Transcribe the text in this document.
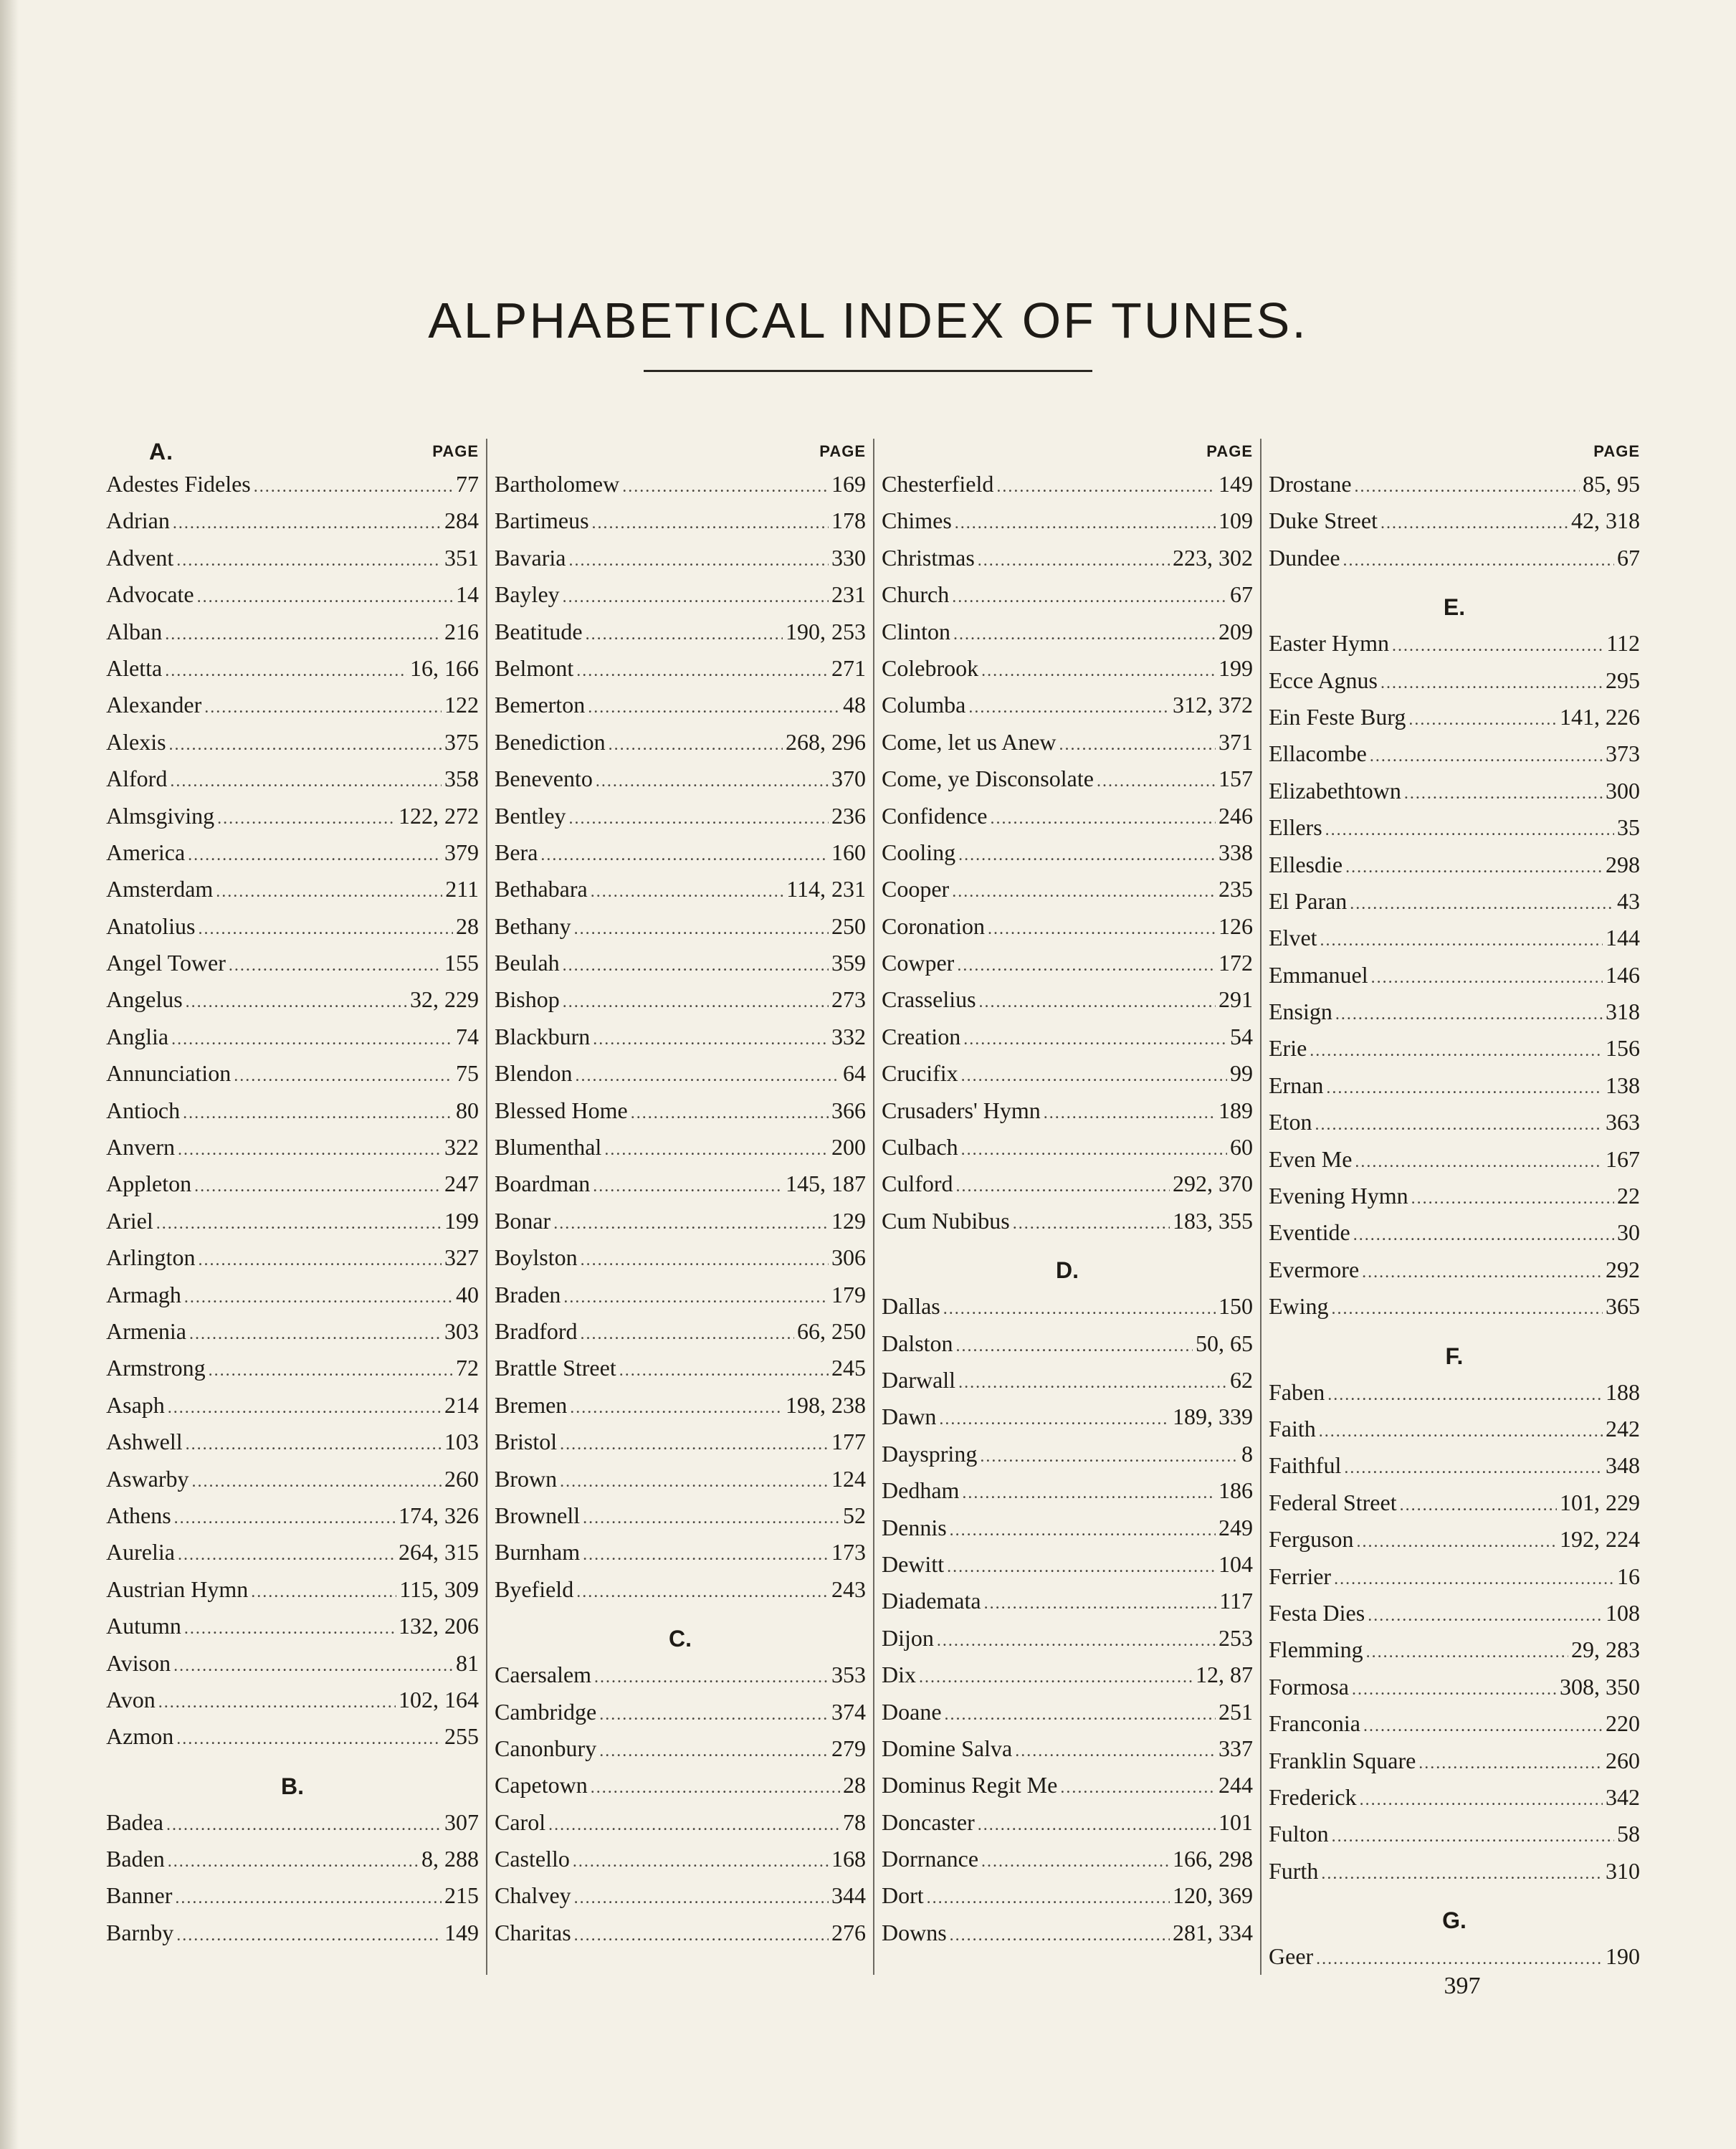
ALPHABETICAL INDEX OF TUNES.
A.	PAGE
Adestes Fideles .....	77
Adrian .....	284
Advent .....	351
Advocate .....	14
Alban .....	216
Aletta .....	16, 166
Alexander .....	122
Alexis .....	375
Alford .....	358
Almsgiving .....	122, 272
America .....	379
Amsterdam .....	211
Anatolius .....	28
Angel Tower .....	155
Angelus .....	32, 229
Anglia .....	74
Annunciation .....	75
Antioch .....	80
Anvern .....	322
Appleton .....	247
Ariel .....	199
Arlington .....	327
Armagh .....	40
Armenia .....	303
Armstrong .....	72
Asaph .....	214
Ashwell .....	103
Aswarby .....	260
Athens .....	174, 326
Aurelia .....	264, 315
Austrian Hymn .....	115, 309
Autumn .....	132, 206
Avison .....	81
Avon .....	102, 164
Azmon .....	255
B.
Badea .....	307
Baden .....	8, 288
Banner .....	215
Barnby .....	149
PAGE
Bartholomew .....	169
Bartimeus .....	178
Bavaria .....	330
Bayley .....	231
Beatitude .....	190, 253
Belmont .....	271
Bemerton .....	48
Benediction .....	268, 296
Benevento .....	370
Bentley .....	236
Bera .....	160
Bethabara .....	114, 231
Bethany .....	250
Beulah .....	359
Bishop .....	273
Blackburn .....	332
Blendon .....	64
Blessed Home .....	366
Blumenthal .....	200
Boardman .....	145, 187
Bonar .....	129
Boylston .....	306
Braden .....	179
Bradford .....	66, 250
Brattle Street .....	245
Bremen .....	198, 238
Bristol .....	177
Brown .....	124
Brownell .....	52
Burnham .....	173
Byefield .....	243
C.
Caersalem .....	353
Cambridge .....	374
Canonbury .....	279
Capetown .....	28
Carol .....	78
Castello .....	168
Chalvey .....	344
Charitas .....	276
PAGE
Chesterfield .....	149
Chimes .....	109
Christmas .....	223, 302
Church .....	67
Clinton .....	209
Colebrook .....	199
Columba .....	312, 372
Come, let us Anew .....	371
Come, ye Disconsolate .....	157
Confidence .....	246
Cooling .....	338
Cooper .....	235
Coronation .....	126
Cowper .....	172
Crasselius .....	291
Creation .....	54
Crucifix .....	99
Crusaders' Hymn .....	189
Culbach .....	60
Culford .....	292, 370
Cum Nubibus .....	183, 355
D.
Dallas .....	150
Dalston .....	50, 65
Darwall .....	62
Dawn .....	189, 339
Dayspring .....	8
Dedham .....	186
Dennis .....	249
Dewitt .....	104
Diademata .....	117
Dijon .....	253
Dix .....	12, 87
Doane .....	251
Domine Salva .....	337
Dominus Regit Me .....	244
Doncaster .....	101
Dorrnance .....	166, 298
Dort .....	120, 369
Downs .....	281, 334
PAGE
Drostane .....	85, 95
Duke Street .....	42, 318
Dundee .....	67
E.
Easter Hymn .....	112
Ecce Agnus .....	295
Ein Feste Burg .....	141, 226
Ellacombe .....	373
Elizabethtown .....	300
Ellers .....	35
Ellesdie .....	298
El Paran .....	43
Elvet .....	144
Emmanuel .....	146
Ensign .....	318
Erie .....	156
Ernan .....	138
Eton .....	363
Even Me .....	167
Evening Hymn .....	22
Eventide .....	30
Evermore .....	292
Ewing .....	365
F.
Faben .....	188
Faith .....	242
Faithful .....	348
Federal Street .....	101, 229
Ferguson .....	192, 224
Ferrier .....	16
Festa Dies .....	108
Flemming .....	29, 283
Formosa .....	308, 350
Franconia .....	220
Franklin Square .....	260
Frederick .....	342
Fulton .....	58
Furth .....	310
G.
Geer .....	190
397
